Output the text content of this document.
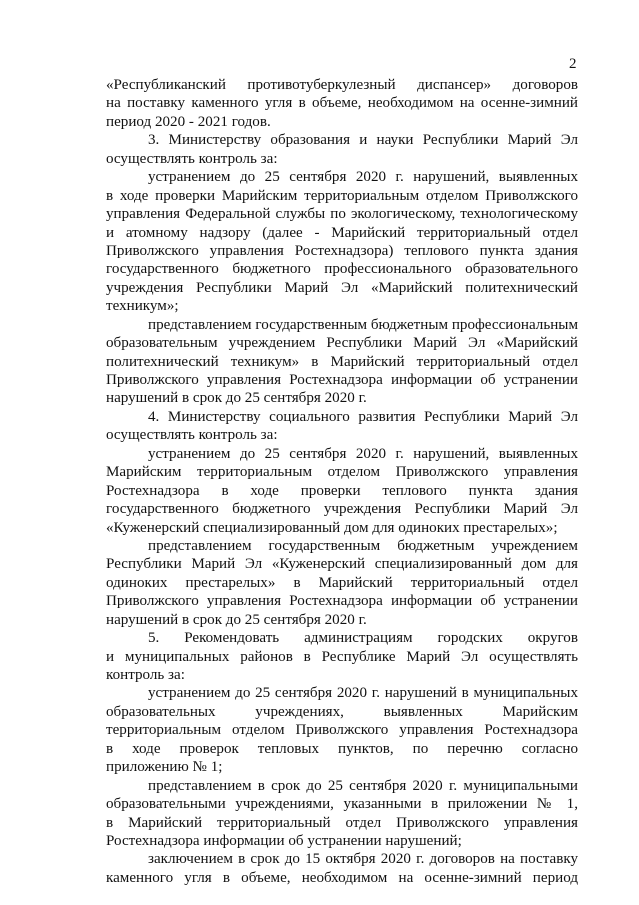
2
«Республиканский противотуберкулезный диспансер» договоров
на поставку каменного угля в объеме, необходимом на осенне-зимний
период 2020 - 2021 годов.
3. Министерству образования и науки Республики Марий Эл
осуществлять контроль за:
устранением до 25 сентября 2020 г. нарушений, выявленных
в ходе проверки Марийским территориальным отделом Приволжского
управления Федеральной службы по экологическому, технологическому
и атомному надзору (далее - Марийский территориальный отдел
Приволжского управления Ростехнадзора) теплового пункта здания
государственного бюджетного профессионального образовательного
учреждения Республики Марий Эл «Марийский политехнический
техникум»;
представлением государственным бюджетным профессиональным
образовательным учреждением Республики Марий Эл «Марийский
политехнический техникум» в Марийский территориальный отдел
Приволжского управления Ростехнадзора информации об устранении
нарушений в срок до 25 сентября 2020 г.
4. Министерству социального развития Республики Марий Эл
осуществлять контроль за:
устранением до 25 сентября 2020 г. нарушений, выявленных
Марийским территориальным отделом Приволжского управления
Ростехнадзора в ходе проверки теплового пункта здания
государственного бюджетного учреждения Республики Марий Эл
«Куженерский специализированный дом для одиноких престарелых»;
представлением государственным бюджетным учреждением
Республики Марий Эл «Куженерский специализированный дом для
одиноких престарелых» в Марийский территориальный отдел
Приволжского управления Ростехнадзора информации об устранении
нарушений в срок до 25 сентября 2020 г.
5. Рекомендовать администрациям городских округов
и муниципальных районов в Республике Марий Эл осуществлять
контроль за:
устранением до 25 сентября 2020 г. нарушений в муниципальных
образовательных учреждениях, выявленных Марийским
территориальным отделом Приволжского управления Ростехнадзора
в ходе проверок тепловых пунктов, по перечню согласно
приложению № 1;
представлением в срок до 25 сентября 2020 г. муниципальными
образовательными учреждениями, указанными в приложении № 1,
в Марийский территориальный отдел Приволжского управления
Ростехнадзора информации об устранении нарушений;
заключением в срок до 15 октября 2020 г. договоров на поставку
каменного угля в объеме, необходимом на осенне-зимний период
